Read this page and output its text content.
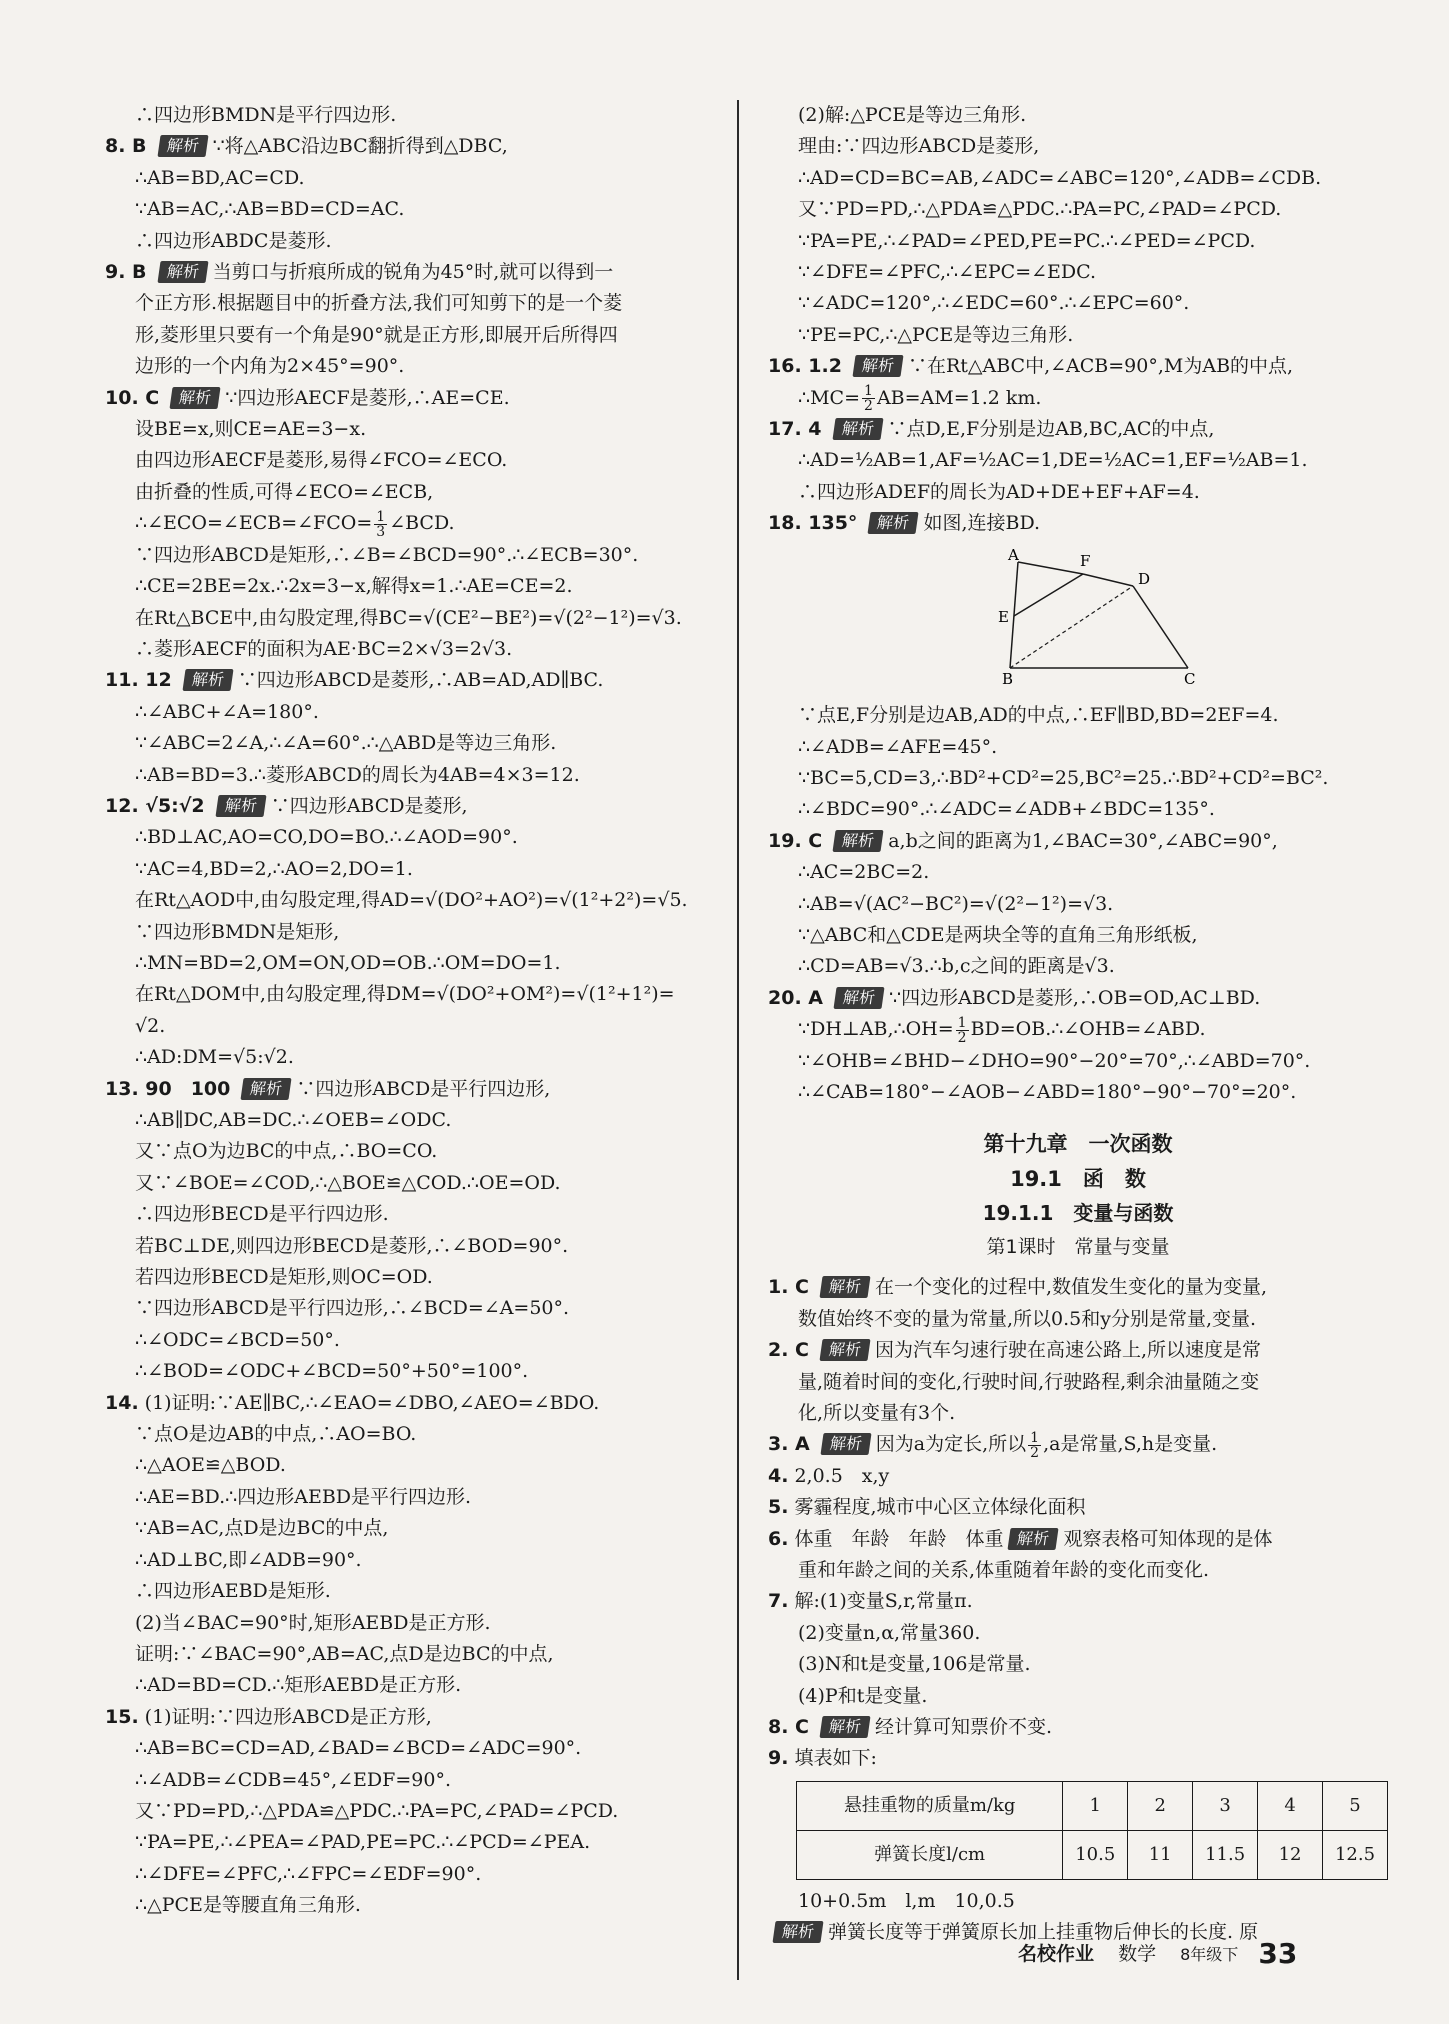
∴四边形BMDN是平行四边形.
8. B 解析 ∵将△ABC沿边BC翻折得到△DBC,
∴AB=BD,AC=CD.
∵AB=AC,∴AB=BD=CD=AC.
∴四边形ABDC是菱形.
9. B 解析 当剪口与折痕所成的锐角为45°时,就可以得到一
个正方形.根据题目中的折叠方法,我们可知剪下的是一个菱
形,菱形里只要有一个角是90°就是正方形,即展开后所得四
边形的一个内角为2×45°=90°.
10. C 解析 ∵四边形AECF是菱形,∴AE=CE.
设BE=x,则CE=AE=3−x.
由四边形AECF是菱形,易得∠FCO=∠ECO.
由折叠的性质,可得∠ECO=∠ECB,
∴∠ECO=∠ECB=∠FCO= $\frac{1}{3}$ ∠BCD.
∵四边形ABCD是矩形,∴∠B=∠BCD=90°.∴∠ECB=30°.
∴CE=2BE=2x.∴2x=3−x,解得x=1.∴AE=CE=2.
在Rt△BCE中,由勾股定理,得BC=√(CE²−BE²)=√(2²−1²)=√3.
∴菱形AECF的面积为AE·BC=2×√3=2√3.
11. 12 解析 ∵四边形ABCD是菱形,∴AB=AD,AD∥BC.
∴∠ABC+∠A=180°.
∵∠ABC=2∠A,∴∠A=60°.∴△ABD是等边三角形.
∴AB=BD=3.∴菱形ABCD的周长为4AB=4×3=12.
12. √5:√2 解析 ∵四边形ABCD是菱形,
∴BD⊥AC,AO=CO,DO=BO.∴∠AOD=90°.
∵AC=4,BD=2,∴AO=2,DO=1.
在Rt△AOD中,由勾股定理,得AD=√(DO²+AO²)=√(1²+2²)=√5.
∵四边形BMDN是矩形,
∴MN=BD=2,OM=ON,OD=OB.∴OM=DO=1.
在Rt△DOM中,由勾股定理,得DM=√(DO²+OM²)=√(1²+1²)=
√2.
∴AD:DM=√5:√2.
13. 90　100 解析 ∵四边形ABCD是平行四边形,
∴AB∥DC,AB=DC.∴∠OEB=∠ODC.
又∵点O为边BC的中点,∴BO=CO.
又∵∠BOE=∠COD,∴△BOE≌△COD.∴OE=OD.
∴四边形BECD是平行四边形.
若BC⊥DE,则四边形BECD是菱形,∴∠BOD=90°.
若四边形BECD是矩形,则OC=OD.
∵四边形ABCD是平行四边形,∴∠BCD=∠A=50°.
∴∠ODC=∠BCD=50°.
∴∠BOD=∠ODC+∠BCD=50°+50°=100°.
14. (1)证明:∵AE∥BC,∴∠EAO=∠DBO,∠AEO=∠BDO.
∵点O是边AB的中点,∴AO=BO.
∴△AOE≌△BOD.
∴AE=BD.∴四边形AEBD是平行四边形.
∵AB=AC,点D是边BC的中点,
∴AD⊥BC,即∠ADB=90°.
∴四边形AEBD是矩形.
(2)当∠BAC=90°时,矩形AEBD是正方形.
证明:∵∠BAC=90°,AB=AC,点D是边BC的中点,
∴AD=BD=CD.∴矩形AEBD是正方形.
15. (1)证明:∵四边形ABCD是正方形,
∴AB=BC=CD=AD,∠BAD=∠BCD=∠ADC=90°.
∴∠ADB=∠CDB=45°,∠EDF=90°.
又∵PD=PD,∴△PDA≌△PDC.∴PA=PC,∠PAD=∠PCD.
∵PA=PE,∴∠PEA=∠PAD,PE=PC.∴∠PCD=∠PEA.
∴∠DFE=∠PFC,∴∠FPC=∠EDF=90°.
∴△PCE是等腰直角三角形.
(2)解:△PCE是等边三角形.
理由:∵四边形ABCD是菱形,
∴AD=CD=BC=AB,∠ADC=∠ABC=120°,∠ADB=∠CDB.
又∵PD=PD,∴△PDA≌△PDC.∴PA=PC,∠PAD=∠PCD.
∵PA=PE,∴∠PAD=∠PED,PE=PC.∴∠PED=∠PCD.
∵∠DFE=∠PFC,∴∠EPC=∠EDC.
∵∠ADC=120°,∴∠EDC=60°.∴∠EPC=60°.
∵PE=PC,∴△PCE是等边三角形.
16. 1.2 解析 ∵在Rt△ABC中,∠ACB=90°,M为AB的中点,
∴MC= $\frac{1}{2} AB=AM=1.2$ km.
17. 4 解析 ∵点D,E,F分别是边AB,BC,AC的中点,
∴AD=½AB=1,AF=½AC=1,DE=½AC=1,EF=½AB=1.
∴四边形ADEF的周长为AD+DE+EF+AF=4.
18. 135° 解析 如图,连接BD.
A	F
D
E
B	C
∵点E,F分别是边AB,AD的中点,∴EF∥BD,BD=2EF=4.
∴∠ADB=∠AFE=45°.
∵BC=5,CD=3,∴BD²+CD²=25,BC²=25.∴BD²+CD²=BC².
∴∠BDC=90°.∴∠ADC=∠ADB+∠BDC=135°.
19. C 解析 a,b之间的距离为1,∠BAC=30°,∠ABC=90°,
∴AC=2BC=2.
∴AB=√(AC²−BC²)=√(2²−1²)=√3.
∵△ABC和△CDE是两块全等的直角三角形纸板,
∴CD=AB=√3.∴b,c之间的距离是√3.
20. A 解析 ∵四边形ABCD是菱形,∴OB=OD,AC⊥BD.
∵DH⊥AB,∴OH= $\frac{1}{2}$ BD=OB.∴∠OHB=∠ABD.
∵∠OHB=∠BHD−∠DHO=90°−20°=70°,∴∠ABD=70°.
∴∠CAB=180°−∠AOB−∠ABD=180°−90°−70°=20°.
第十九章　一次函数
19.1　函　数
19.1.1　变量与函数
第1课时　常量与变量
1. C 解析 在一个变化的过程中,数值发生变化的量为变量,
数值始终不变的量为常量,所以0.5和y分别是常量,变量.
2. C 解析 因为汽车匀速行驶在高速公路上,所以速度是常
量,随着时间的变化,行驶时间,行驶路程,剩余油量随之变
化,所以变量有3个.
3. A 解析 因为a为定长,所以 $\frac{1}{2} ,a$是常量,S,h是变量.
4. 2,0.5　x,y
5. 雾霾程度,城市中心区立体绿化面积
6. 体重　年龄　年龄　体重 解析 观察表格可知体现的是体
重和年龄之间的关系,体重随着年龄的变化而变化.
7. 解:(1)变量S,r,常量π.
(2)变量n,α,常量360.
(3)N和t是变量,106是常量.
(4)P和t是变量.
8. C 解析 经计算可知票价不变.
9. 填表如下:
悬挂重物的质量m/kg	1	2	3	4	5
弹簧长度l/cm	10.5	11	11.5	12	12.5
10+0.5m　l,m　10,0.5
解析 弹簧长度等于弹簧原长加上挂重物后伸长的长度. 原
名校作业 数学 8年级下 33
